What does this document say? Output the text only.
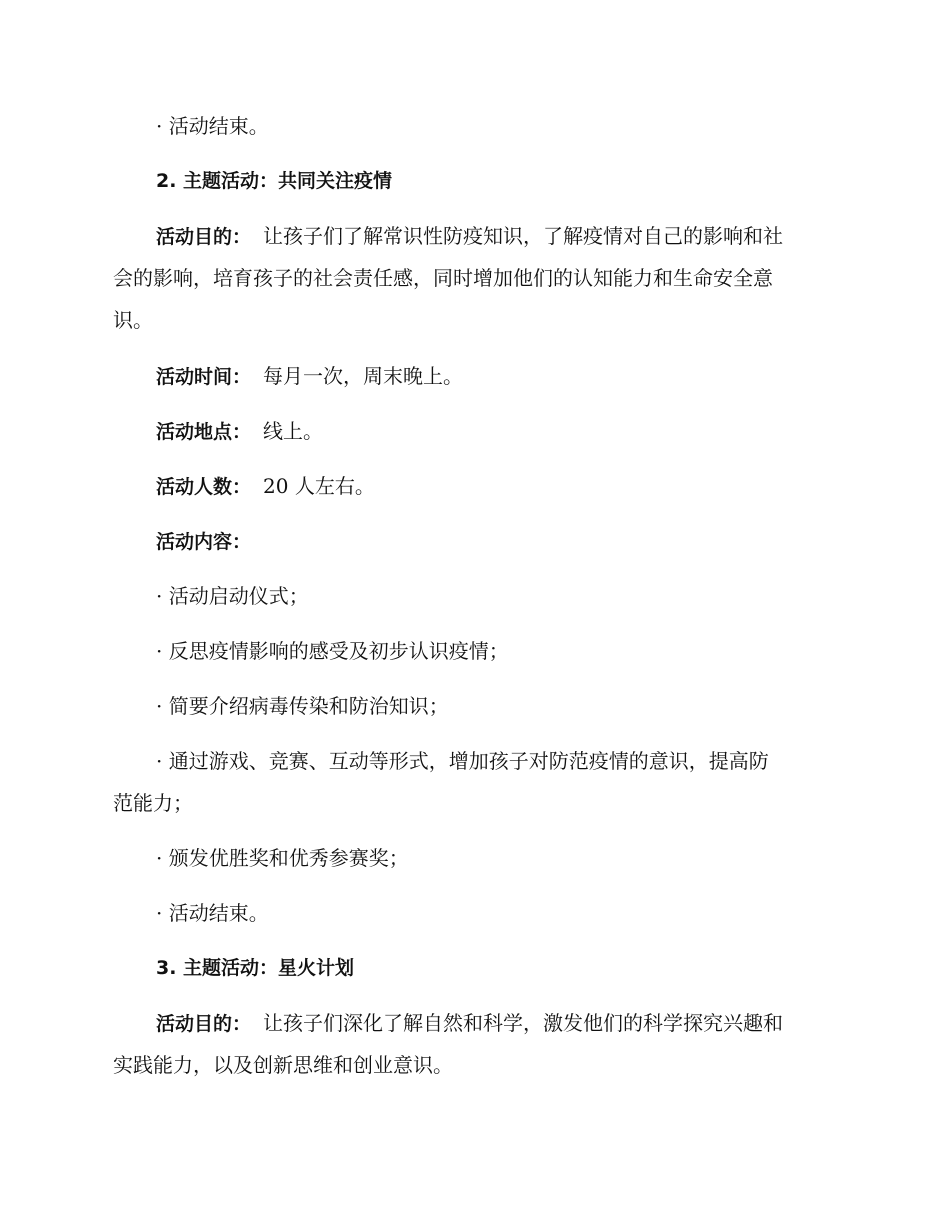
· 活动结束。
2. 主题活动：共同关注疫情
活动目的： 让孩子们了解常识性防疫知识，了解疫情对自己的影响和社
会的影响，培育孩子的社会责任感，同时增加他们的认知能力和生命安全意
识。
活动时间： 每月一次，周末晚上。
活动地点： 线上。
活动人数： 20 人左右。
活动内容：
· 活动启动仪式；
· 反思疫情影响的感受及初步认识疫情；
· 简要介绍病毒传染和防治知识；
· 通过游戏、竞赛、互动等形式，增加孩子对防范疫情的意识，提高防
范能力；
· 颁发优胜奖和优秀参赛奖；
· 活动结束。
3. 主题活动：星火计划
活动目的： 让孩子们深化了解自然和科学，激发他们的科学探究兴趣和
实践能力，以及创新思维和创业意识。
